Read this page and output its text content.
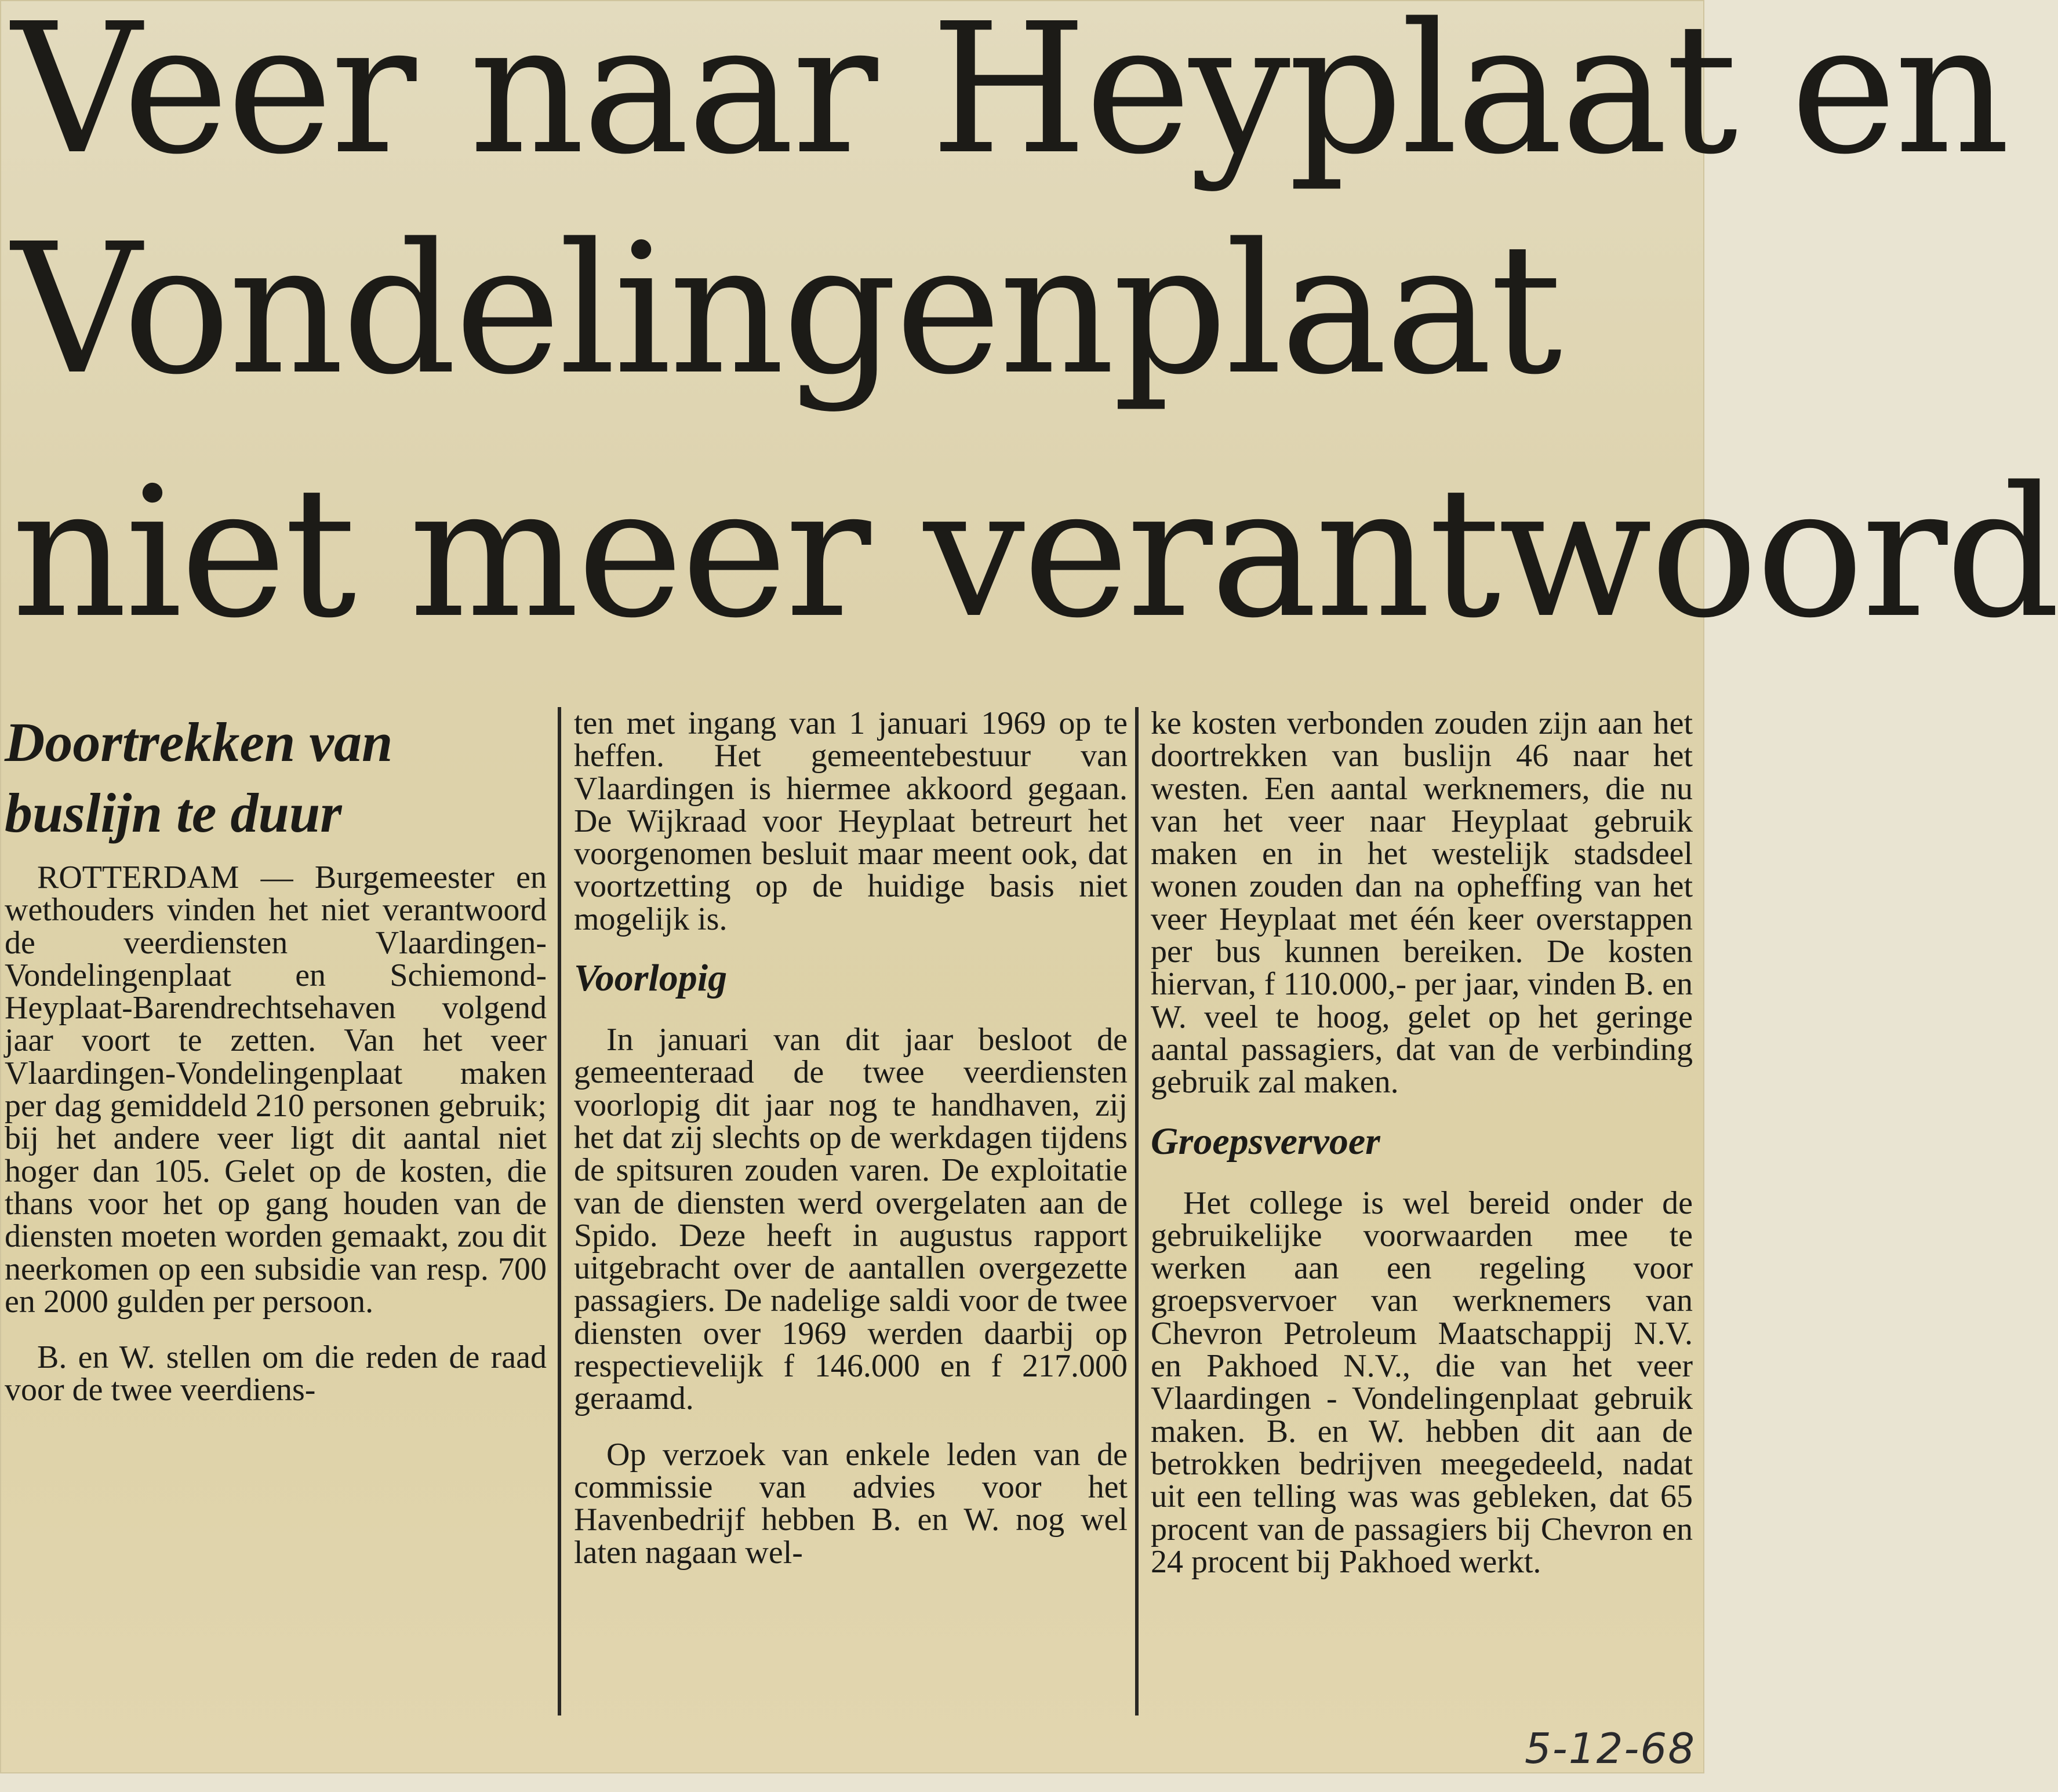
Veer naar Heyplaat en
Vondelingenplaat
niet meer verantwoord
Doortrekken van buslijn te duur

ROTTERDAM — Burgemeester en wethouders vinden het niet verantwoord de veerdiensten Vlaardingen-Vondelingenplaat en Schiemond-Heyplaat-Barendrechtsehaven volgend jaar voort te zetten. Van het veer Vlaardingen-Vondelingenplaat maken per dag gemiddeld 210 personen gebruik; bij het andere veer ligt dit aantal niet hoger dan 105. Gelet op de kosten, die thans voor het op gang houden van de diensten moeten worden gemaakt, zou dit neerkomen op een subsidie van resp. 700 en 2000 gulden per persoon.

B. en W. stellen om die reden de raad voor de twee veerdiens-

ten met ingang van 1 januari 1969 op te heffen. Het gemeentebestuur van Vlaardingen is hiermee akkoord gegaan. De Wijkraad voor Heyplaat betreurt het voorgenomen besluit maar meent ook, dat voortzetting op de huidige basis niet mogelijk is.

Voorlopig

In januari van dit jaar besloot de gemeenteraad de twee veerdiensten voorlopig dit jaar nog te handhaven, zij het dat zij slechts op de werkdagen tijdens de spitsuren zouden varen. De exploitatie van de diensten werd overgelaten aan de Spido. Deze heeft in augustus rapport uitgebracht over de aantallen overgezette passagiers. De nadelige saldi voor de twee diensten over 1969 werden daarbij op respectievelijk f 146.000 en f 217.000 geraamd.

Op verzoek van enkele leden van de commissie van advies voor het Havenbedrijf hebben B. en W. nog wel laten nagaan wel-

ke kosten verbonden zouden zijn aan het doortrekken van buslijn 46 naar het westen. Een aantal werknemers, die nu van het veer naar Heyplaat gebruik maken en in het westelijk stadsdeel wonen zouden dan na opheffing van het veer Heyplaat met één keer overstappen per bus kunnen bereiken. De kosten hiervan, f 110.000,- per jaar, vinden B. en W. veel te hoog, gelet op het geringe aantal passagiers, dat van de verbinding gebruik zal maken.

Groepsvervoer

Het college is wel bereid onder de gebruikelijke voorwaarden mee te werken aan een regeling voor groepsvervoer van werknemers van Chevron Petroleum Maatschappij N.V. en Pakhoed N.V., die van het veer Vlaardingen - Vondelingenplaat gebruik maken. B. en W. hebben dit aan de betrokken bedrijven meegedeeld, nadat uit een telling was was gebleken, dat 65 procent van de passagiers bij Chevron en 24 procent bij Pakhoed werkt.

5-12-68
